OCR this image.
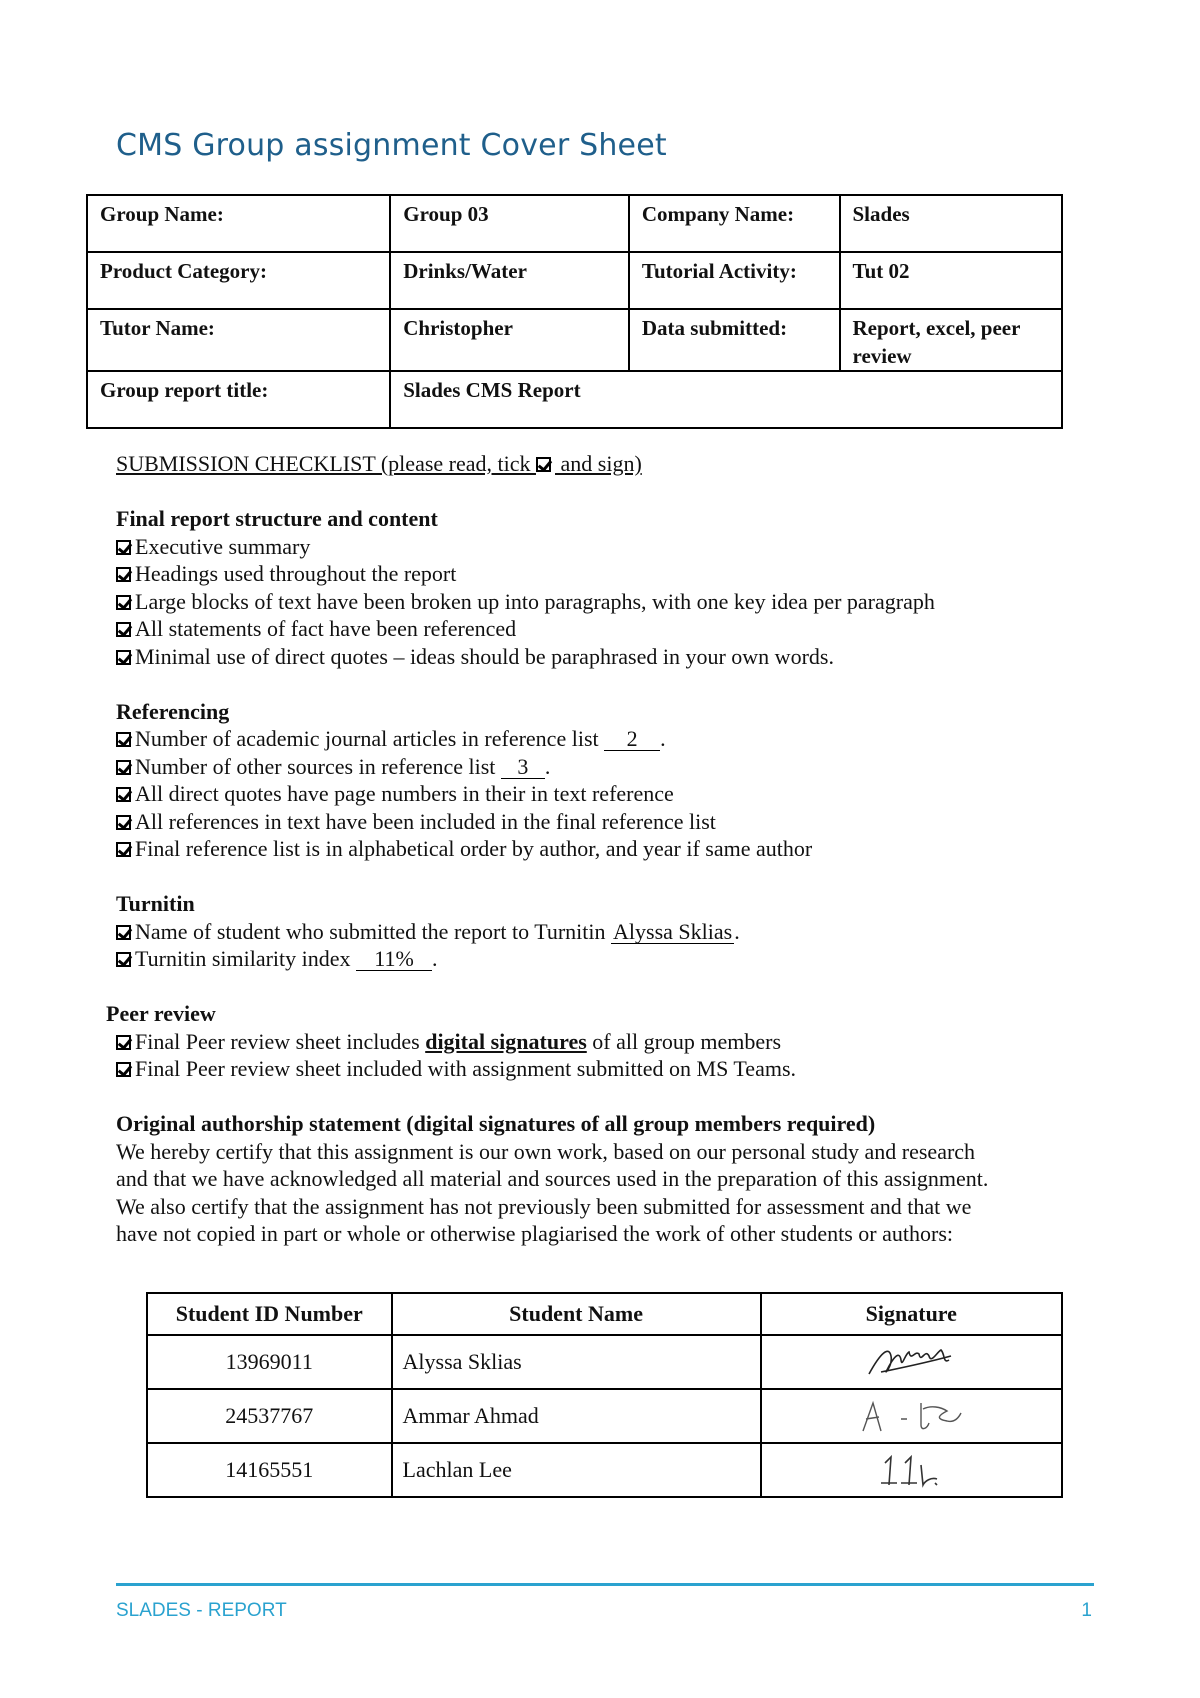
CMS Group assignment Cover Sheet
Group Name:	Group 03	Company Name:	Slades
Product Category:	Drinks/Water	Tutorial Activity:	Tut 02
Tutor Name:	Christopher	Data submitted:	Report, excel, peer review
Group report title:	Slades CMS Report		
SUBMISSION CHECKLIST (please read, tick  and sign)
Final report structure and content
Executive summary
Headings used throughout the report
Large blocks of text have been broken up into paragraphs, with one key idea per paragraph
All statements of fact have been referenced
Minimal use of direct quotes – ideas should be paraphrased in your own words.
Referencing
Number of academic journal articles in reference list 2 .
Number of other sources in reference list 3 .
All direct quotes have page numbers in their in text reference
All references in text have been included in the final reference list
Final reference list is in alphabetical order by author, and year if same author
Turnitin
Name of student who submitted the report to Turnitin Alyssa Sklias.
Turnitin similarity index 11% .
Peer review
Final Peer review sheet includes digital signatures of all group members
Final Peer review sheet included with assignment submitted on MS Teams.
Original authorship statement (digital signatures of all group members required)
We hereby certify that this assignment is our own work, based on our personal study and research
and that we have acknowledged all material and sources used in the preparation of this assignment.
We also certify that the assignment has not previously been submitted for assessment and that we
have not copied in part or whole or otherwise plagiarised the work of other students or authors:
Student ID Number	Student Name	Signature
13969011	Alyssa Sklias	

24537767	Ammar Ahmad	

14165551	Lachlan Lee	
SLADES - REPORT	1
